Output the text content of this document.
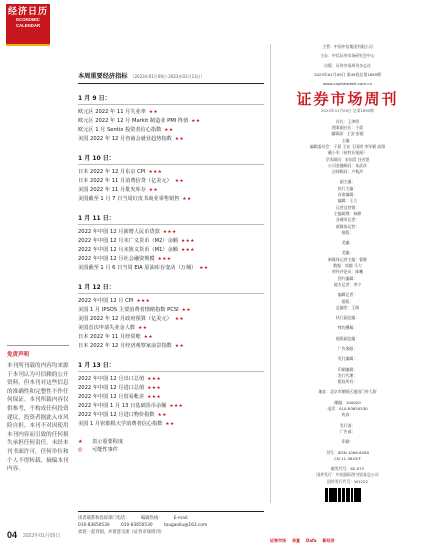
经济日历
ECONOMIC
CALENDAR
免责声明
本刊所刊载的内容均来源于本刊认为可信赖的公开资料，但本刊对这些信息的准确性和完整性不作任何保证。本刊所载内容仅供参考，不构成任何投资建议，投资者据此入市风险自担。本刊不对因使用本刊内容而引致的任何损失承担任何责任。未经本刊书面许可，任何单位和个人不得转载、摘编本刊内容。
04 2023年01月09日
本周重要经济指标 （2023年01月09日-2023年01月13日）
1 月 9 日：
欧元区 2022 年 11 月失业率 ★★
欧元区 2022 年 12 月 Markit 制造业 PMI 终值 ★★
欧元区 1 月 Sentix 投资者信心指数 ★★
美国 2022 年 12 月咨商会就业趋势指数 ★★
1 月 10 日：
日本 2022 年 12 月东京 CPI ★★★
日本 2022 年 11 月消费信贷（亿美元） ★★
美国 2022 年 11 月批发库存 ★★
美国截至 1 月 7 日当周红皮书商业零售销售 ★★
1 月 11 日：
2022 年中国 12 月新增人民币贷款 ★★★
2022 年中国 12 月末广义货币（M2）余额 ★★★
2022 年中国 12 月末狭义货币（M1）余额 ★★★
2022 年中国 12 月社会融资规模 ★★★
美国截至 1 月 6 日当周 EIA 原油库存变动（万桶） ★★
1 月 12 日：
2022 年中国 12 月 CPI ★★★
美国 1 月 IPSOS 主要消费者情绪指数 PCSI ★★
美国 2022 年 12 月政府预算（亿美元） ★★
美国首次申请失业金人数 ★★
日本 2022 年 11 月经常账 ★★
日本 2022 年 12 月经济观察家前景指数 ★★
1 月 13 日：
2022 年中国 12 月出口总值 ★★★
2022 年中国 12 月进口总值 ★★★
2022 年中国 12 月贸易帐差 ★★★
2022 年中国 1 月 13 日基础货币余额 ★★★
2022 年中国 12 月进口物价指数 ★★
美国 1 月密歇根大学消费者信心指数 ★★
★ 表示重要程度
◎ 可能性事件
读者联系和投诉部门电话：	编辑热线：	E-mail:
010-83650530	010-83650530	tougaoliu@163.com
欢迎一起刊阅，并留意交流《证券市场周刊》
主管：中国中信集团有限公司
主办：中信证券市场研究会中心
出版：证券市场周刊杂志社
2023年01月09日 第49卷总第1895期
www.capitalweek.com.cn
证券市场周刊
2023年01月09日 总第1895期
社长：王津明
理事副社长：于晨
编辑部：王安 彭毅
主编：
编辑委员会：于晨 王安 王国明 李军朝 高翔
戴小军（按姓氏笔画）
学术顾问：宋国青 任若恩
公司金融顾问：朱武祥
法律顾问：卢秋洪
副主编：
执行主编：
首席编辑：
编辑：王立
运营及营销：
主编助理：杨柳
各城市记者：
新媒体运营：
排版：
美编：
美编：
新媒体运营主编：曹静
数据：郭越 马力
财经评论员：陈曦
图片编辑：
地方记者：李宁
编辑记者：
排版：
总编室：王刚
执行副总编：
特约撰稿：
值班副总编：
广告客服：
发行编辑：
印刷编辑：
发行代理：
版权所有：
地址：北京市朝阳区建国门外大街
邮编：100020
电话：010-83650530
传真：
发行部：
广告部：
印刷：
刊号：ISSN 1006-6280
CN 11-3643/F
邮发代号：82-975
国外发行：中国国际图书贸易总公司
国外发行代号：W1222
证券市场 华夏 Dafa 新经济
